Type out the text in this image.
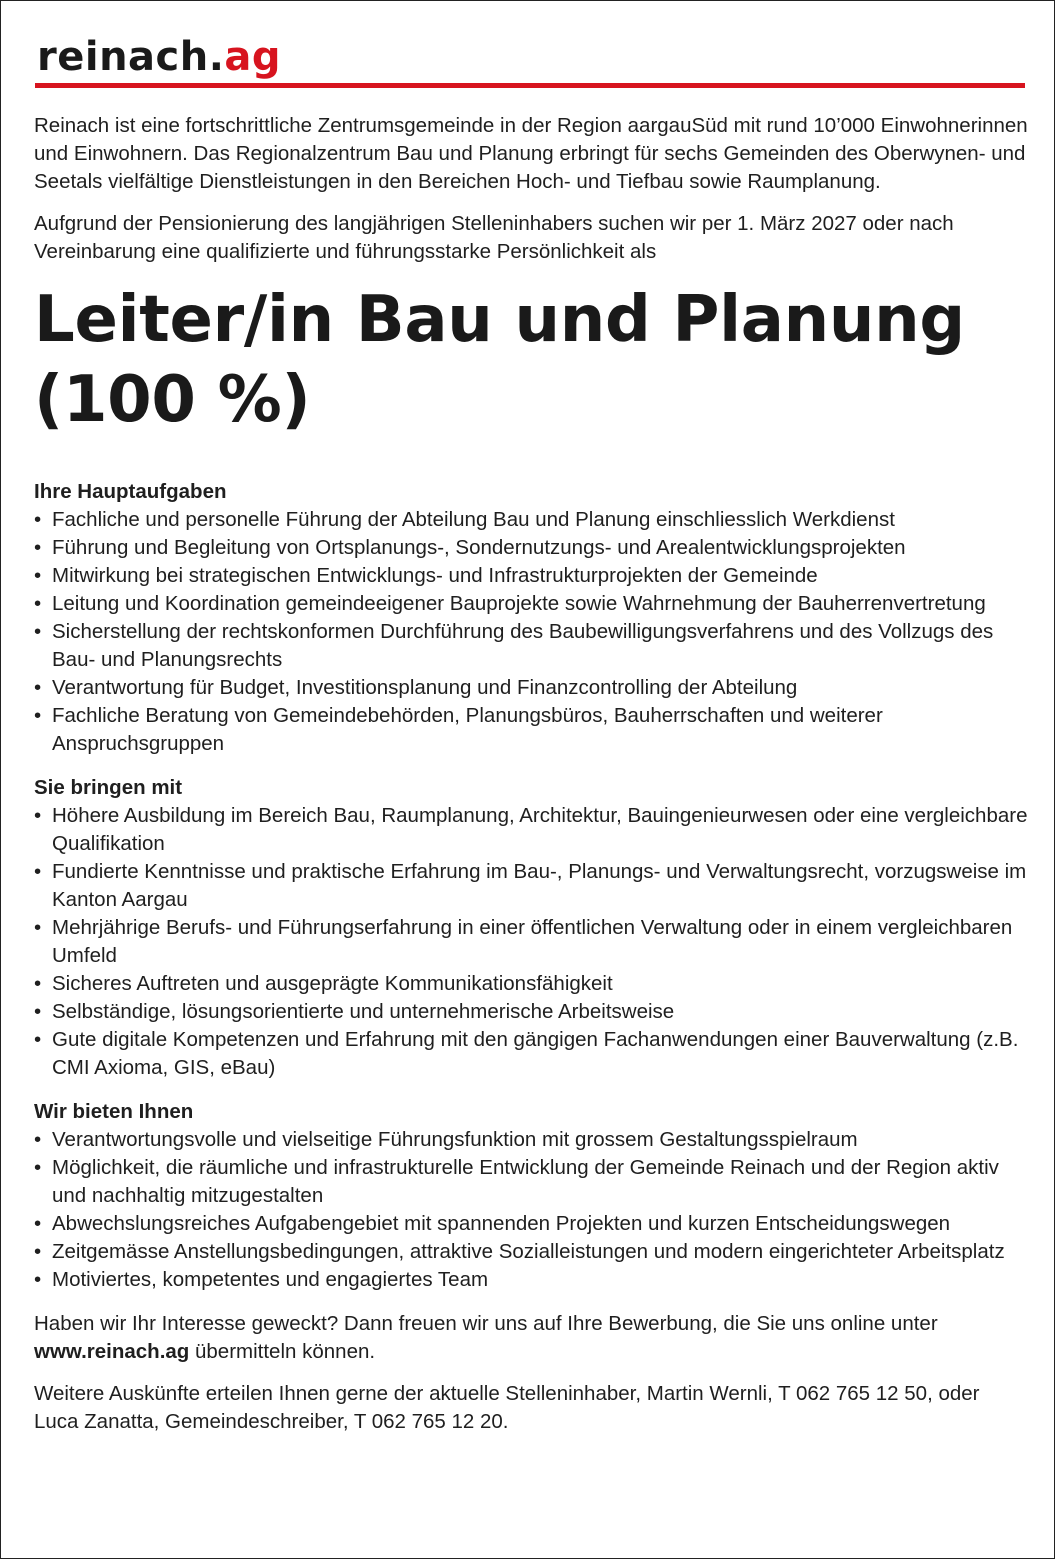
reinach.ag

Reinach ist eine fortschrittliche Zentrumsgemeinde in der Region aargauSüd mit rund 10’000 Einwohnerinnen und Einwohnern. Das Regionalzentrum Bau und Planung erbringt für sechs Gemeinden des Oberwynen- und Seetals vielfältige Dienstleistungen in den Bereichen Hoch- und Tiefbau sowie Raumplanung.

Aufgrund der Pensionierung des langjährigen Stelleninhabers suchen wir per 1. März 2027 oder nach Vereinbarung eine qualifizierte und führungsstarke Persönlichkeit als

Leiter/in Bau und Planung
(100 %)

Ihre Hauptaufgaben

• Fachliche und personelle Führung der Abteilung Bau und Planung einschliesslich Werkdienst
• Führung und Begleitung von Ortsplanungs-, Sondernutzungs- und Arealentwicklungsprojekten
• Mitwirkung bei strategischen Entwicklungs- und Infrastrukturprojekten der Gemeinde
• Leitung und Koordination gemeindeeigener Bauprojekte sowie Wahrnehmung der Bauherrenvertretung
• Sicherstellung der rechtskonformen Durchführung des Baubewilligungsverfahrens und des Vollzugs des Bau- und Planungsrechts
• Verantwortung für Budget, Investitionsplanung und Finanzcontrolling der Abteilung
• Fachliche Beratung von Gemeindebehörden, Planungsbüros, Bauherrschaften und weiterer Anspruchsgruppen

Sie bringen mit

• Höhere Ausbildung im Bereich Bau, Raumplanung, Architektur, Bauingenieurwesen oder eine vergleichbare Qualifikation
• Fundierte Kenntnisse und praktische Erfahrung im Bau-, Planungs- und Verwaltungsrecht, vorzugsweise im Kanton Aargau
• Mehrjährige Berufs- und Führungserfahrung in einer öffentlichen Verwaltung oder in einem vergleichbaren Umfeld
• Sicheres Auftreten und ausgeprägte Kommunikationsfähigkeit
• Selbständige, lösungsorientierte und unternehmerische Arbeitsweise
• Gute digitale Kompetenzen und Erfahrung mit den gängigen Fachanwendungen einer Bauverwaltung (z.B. CMI Axioma, GIS, eBau)

Wir bieten Ihnen

• Verantwortungsvolle und vielseitige Führungsfunktion mit grossem Gestaltungsspielraum
• Möglichkeit, die räumliche und infrastrukturelle Entwicklung der Gemeinde Reinach und der Region aktiv und nachhaltig mitzugestalten
• Abwechslungsreiches Aufgabengebiet mit spannenden Projekten und kurzen Entscheidungswegen
• Zeitgemässe Anstellungsbedingungen, attraktive Sozialleistungen und modern eingerichteter Arbeitsplatz
• Motiviertes, kompetentes und engagiertes Team

Haben wir Ihr Interesse geweckt? Dann freuen wir uns auf Ihre Bewerbung, die Sie uns online unter www.reinach.ag übermitteln können.

Weitere Auskünfte erteilen Ihnen gerne der aktuelle Stelleninhaber, Martin Wernli, T 062 765 12 50, oder Luca Zanatta, Gemeindeschreiber, T 062 765 12 20.
